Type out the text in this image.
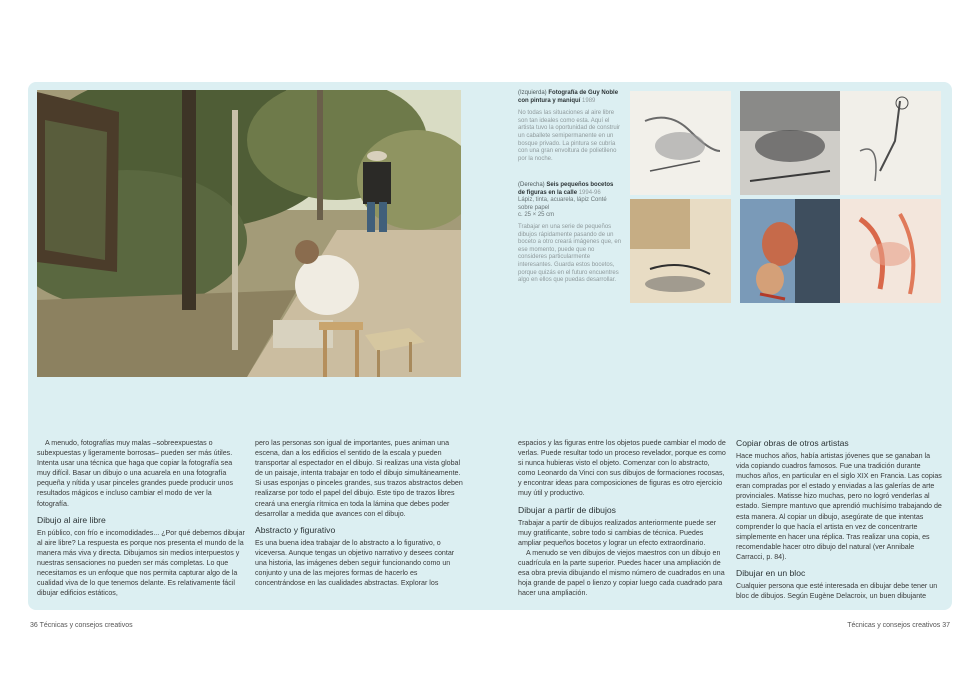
(Izquierda) Fotografía de Guy Noble con pintura y maniquí 1989
No todas las situaciones al aire libre son tan ideales como esta. Aquí el artista tuvo la oportunidad de construir un caballete semipermanente en un bosque privado. La pintura se cubría con una gran envoltura de polietileno por la noche.
(Derecha) Seis pequeños bocetos de figuras en la calle 1994-96
Lápiz, tinta, acuarela, lápiz Conté sobre papel
c. 25 × 25 cm
Trabajar en una serie de pequeños dibujos rápidamente pasando de un boceto a otro creará imágenes que, en ese momento, puede que no consideres particularmente interesantes. Guarda estos bocetos, porque quizás en el futuro encuentres algo en ellos que puedas desarrollar.

A menudo, fotografías muy malas –sobreexpuestas o subexpuestas y ligeramente borrosas– pueden ser más útiles. Intenta usar una técnica que haga que copiar la fotografía sea muy difícil. Basar un dibujo o una acuarela en una fotografía pequeña y nítida y usar pinceles grandes puede producir unos resultados mágicos e incluso cambiar el modo de ver la fotografía.

Dibujo al aire libre

En público, con frío e incomodidades... ¿Por qué debemos dibujar al aire libre? La respuesta es porque nos presenta el mundo de la manera más viva y directa. Dibujamos sin medios interpuestos y nuestras sensaciones no pueden ser más completas. Lo que necesitamos es un enfoque que nos permita capturar algo de la cualidad viva de lo que tenemos delante. Es relativamente fácil dibujar edificios estáticos,

pero las personas son igual de importantes, pues animan una escena, dan a los edificios el sentido de la escala y pueden transportar al espectador en el dibujo. Si realizas una vista global de un paisaje, intenta trabajar en todo el dibujo simultáneamente. Si usas esponjas o pinceles grandes, sus trazos abstractos deben realizarse por todo el papel del dibujo. Este tipo de trazos libres creará una energía rítmica en toda la lámina que debes poder desarrollar a medida que avances con el dibujo.

Abstracto y figurativo

Es una buena idea trabajar de lo abstracto a lo figurativo, o viceversa. Aunque tengas un objetivo narrativo y desees contar una historia, las imágenes deben seguir funcionando como un conjunto y una de las mejores formas de hacerlo es concentrándose en las cualidades abstractas. Explorar los

espacios y las figuras entre los objetos puede cambiar el modo de verlas. Puede resultar todo un proceso revelador, porque es como si nunca hubieras visto el objeto. Comenzar con lo abstracto, como Leonardo da Vinci con sus dibujos de formaciones rocosas, y encontrar ideas para composiciones de figuras es otro ejercicio muy útil y productivo.

Dibujar a partir de dibujos

Trabajar a partir de dibujos realizados anteriormente puede ser muy gratificante, sobre todo si cambias de técnica. Puedes ampliar pequeños bocetos y lograr un efecto extraordinario.

A menudo se ven dibujos de viejos maestros con un dibujo en cuadrícula en la parte superior. Puedes hacer una ampliación de esa obra previa dibujando el mismo número de cuadrados en una hoja grande de papel o lienzo y copiar luego cada cuadrado para hacer una ampliación.

Copiar obras de otros artistas

Hace muchos años, había artistas jóvenes que se ganaban la vida copiando cuadros famosos. Fue una tradición durante muchos años, en particular en el siglo XIX en Francia. Las copias eran compradas por el estado y enviadas a las galerías de arte provinciales. Matisse hizo muchas, pero no logró venderlas al estado. Siempre mantuvo que aprendió muchísimo trabajando de esta manera. Al copiar un dibujo, asegúrate de que intentas comprender lo que hacía el artista en vez de concentrarte simplemente en hacer una réplica. Tras realizar una copia, es recomendable hacer otro dibujo del natural (ver Annibale Carracci, p. 84).

Dibujar en un bloc

Cualquier persona que esté interesada en dibujar debe tener un bloc de dibujos. Según Eugène Delacroix, un buen dibujante

36 Técnicas y consejos creativos	Técnicas y consejos creativos 37
